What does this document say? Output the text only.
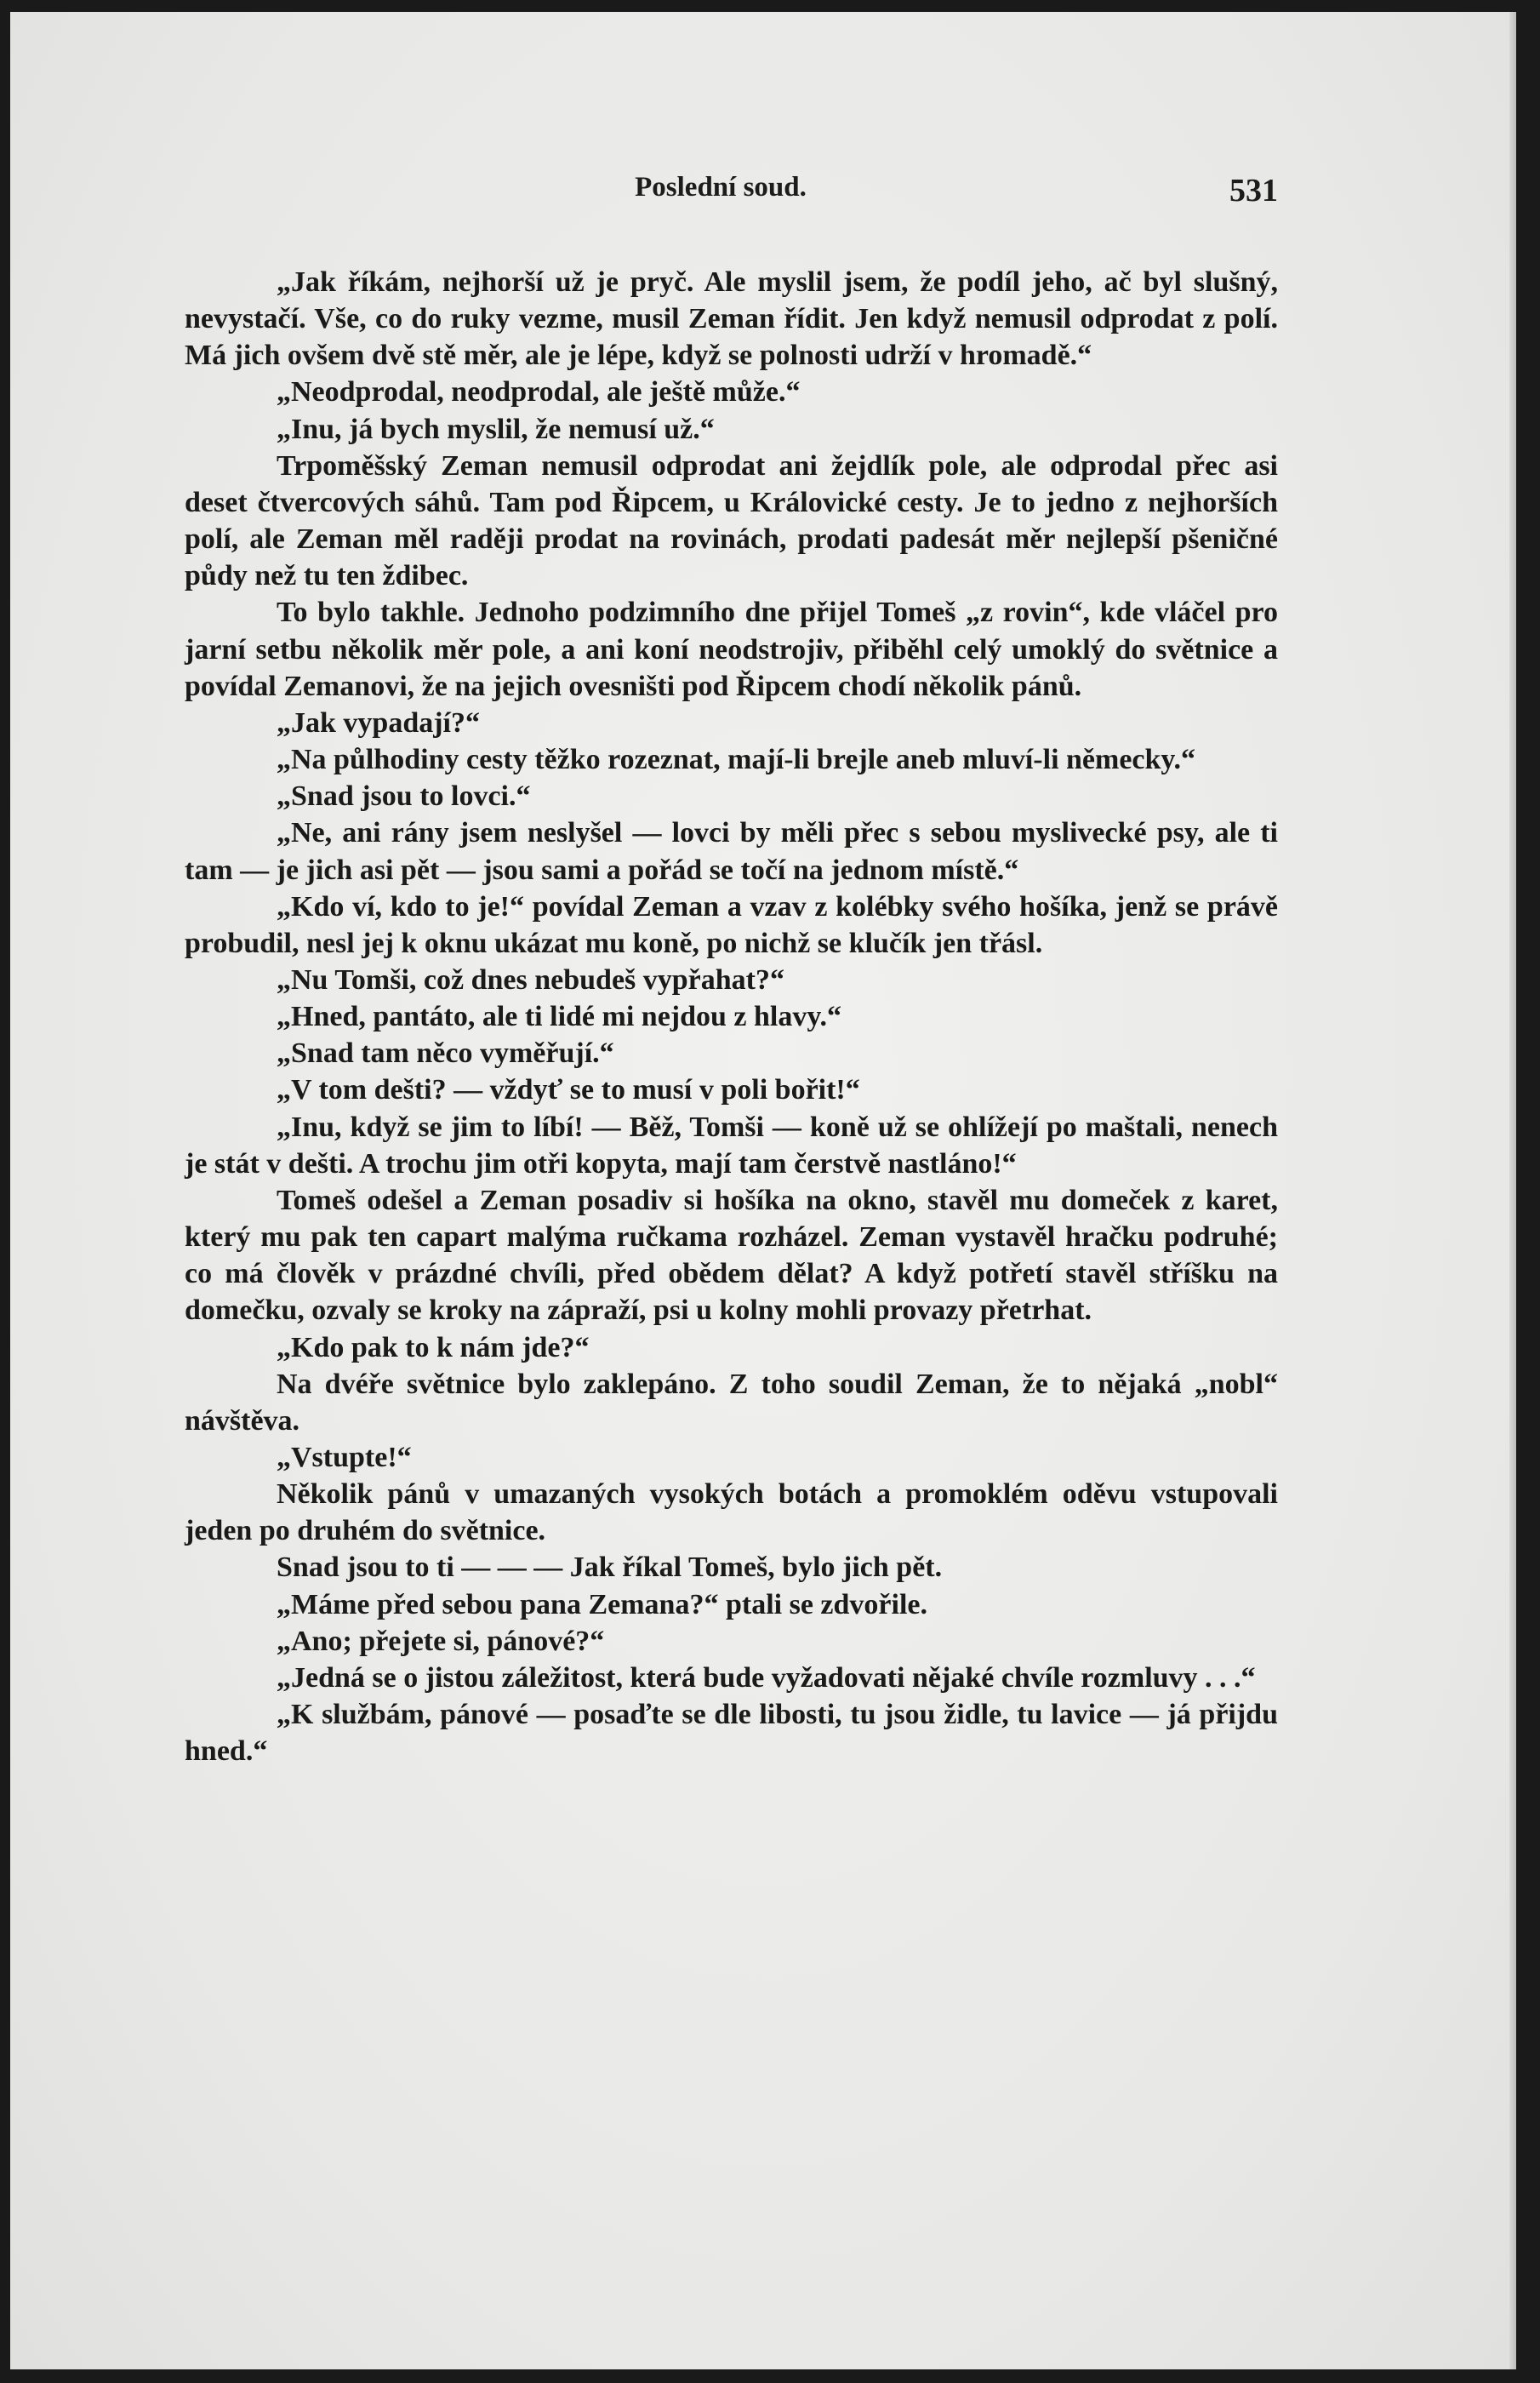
Poslední soud.	531

„Jak říkám, nejhorší už je pryč. Ale myslil jsem, že podíl jeho, ač byl slušný, nevystačí. Vše, co do ruky vezme, musil Zeman řídit. Jen když nemusil odprodat z polí. Má jich ovšem dvě stě měr, ale je lépe, když se polnosti udrží v hromadě.“

„Neodprodal, neodprodal, ale ještě může.“

„Inu, já bych myslil, že nemusí už.“

Trpoměšský Zeman nemusil odprodat ani žejdlík pole, ale odprodal přec asi deset čtvercových sáhů. Tam pod Řipcem, u Královické cesty. Je to jedno z nejhorších polí, ale Zeman měl raději prodat na rovinách, prodati padesát měr nejlepší pšeničné půdy než tu ten ždibec.

To bylo takhle. Jednoho podzimního dne přijel Tomeš „z rovin“, kde vláčel pro jarní setbu několik měr pole, a ani koní neodstrojiv, přiběhl celý umoklý do světnice a povídal Zemanovi, že na jejich ovesništi pod Řipcem chodí několik pánů.

„Jak vypadají?“

„Na půlhodiny cesty těžko rozeznat, mají-li brejle aneb mluví-li německy.“

„Snad jsou to lovci.“

„Ne, ani rány jsem neslyšel — lovci by měli přec s sebou myslivecké psy, ale ti tam — je jich asi pět — jsou sami a pořád se točí na jednom místě.“

„Kdo ví, kdo to je!“ povídal Zeman a vzav z kolébky svého hošíka, jenž se právě probudil, nesl jej k oknu ukázat mu koně, po nichž se klučík jen třásl.

„Nu Tomši, což dnes nebudeš vypřahat?“

„Hned, pantáto, ale ti lidé mi nejdou z hlavy.“

„Snad tam něco vyměřují.“

„V tom dešti? — vždyť se to musí v poli bořit!“

„Inu, když se jim to líbí! — Běž, Tomši — koně už se ohlížejí po maštali, nenech je stát v dešti. A trochu jim otři kopyta, mají tam čerstvě nastláno!“

Tomeš odešel a Zeman posadiv si hošíka na okno, stavěl mu domeček z karet, který mu pak ten capart malýma ručkama rozházel. Zeman vystavěl hračku podruhé; co má člověk v prázdné chvíli, před obědem dělat? A když potřetí stavěl stříšku na domečku, ozvaly se kroky na zápraží, psi u kolny mohli provazy přetrhat.

„Kdo pak to k nám jde?“

Na dvéře světnice bylo zaklepáno. Z toho soudil Zeman, že to nějaká „nobl“ návštěva.

„Vstupte!“

Několik pánů v umazaných vysokých botách a promoklém oděvu vstupovali jeden po druhém do světnice.

Snad jsou to ti — — — Jak říkal Tomeš, bylo jich pět.

„Máme před sebou pana Zemana?“ ptali se zdvořile.

„Ano; přejete si, pánové?“

„Jedná se o jistou záležitost, která bude vyžadovati nějaké chvíle rozmluvy . . .“

„K službám, pánové — posaďte se dle libosti, tu jsou židle, tu lavice — já přijdu hned.“
